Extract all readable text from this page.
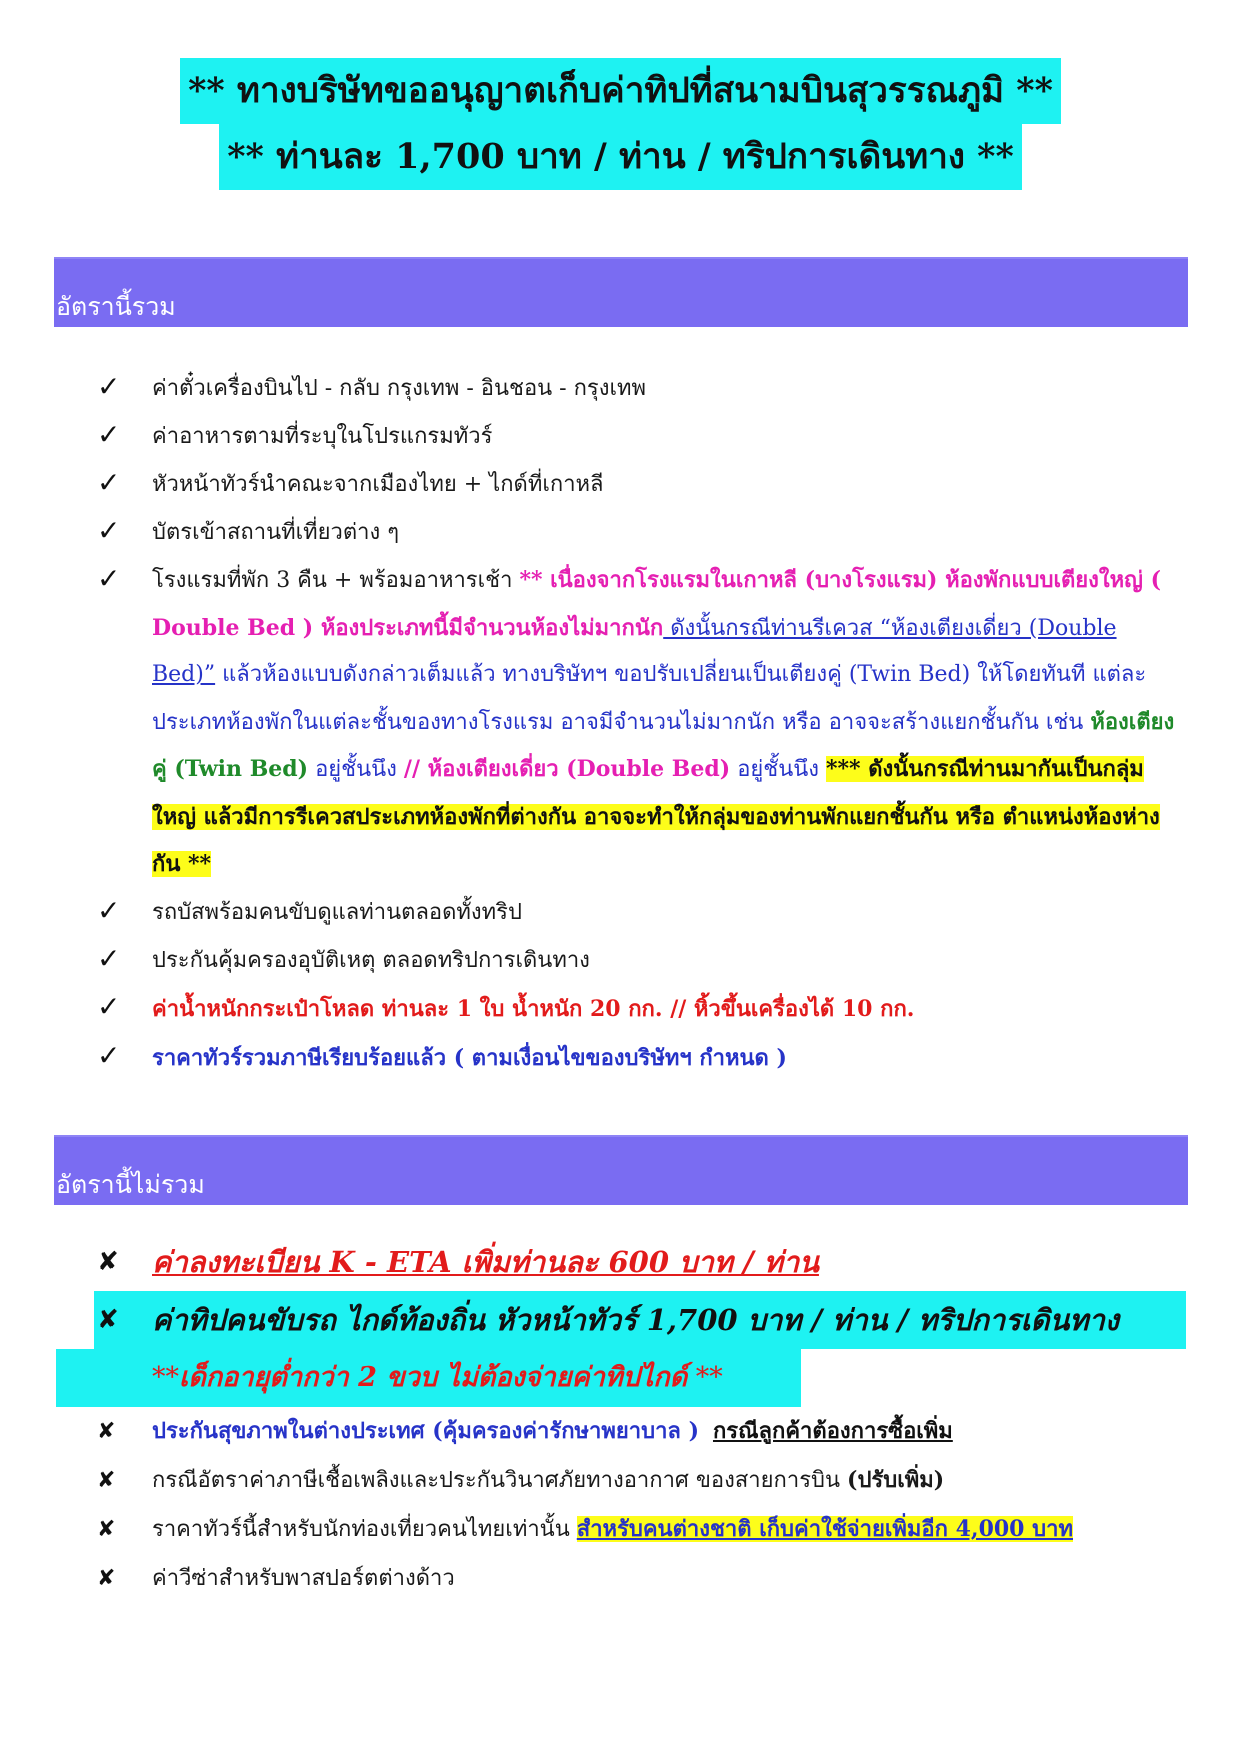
** ทางบริษัทขออนุญาตเก็บค่าทิปที่สนามบินสุวรรณภูมิ **
** ท่านละ 1,700 บาท / ท่าน / ทริปการเดินทาง **
อัตรานี้รวม
✓ ค่าตั๋วเครื่องบินไป - กลับ กรุงเทพ - อินชอน - กรุงเทพ
✓ ค่าอาหารตามที่ระบุในโปรแกรมทัวร์
✓ หัวหน้าทัวร์นำคณะจากเมืองไทย + ไกด์ที่เกาหลี
✓ บัตรเข้าสถานที่เที่ยวต่าง ๆ
✓ โรงแรมที่พัก 3 คืน + พร้อมอาหารเช้า ** เนื่องจากโรงแรมในเกาหลี (บางโรงแรม) ห้องพักแบบเตียงใหญ่ ( Double Bed ) ห้องประเภทนี้มีจำนวนห้องไม่มากนัก ดังนั้นกรณีท่านรีเควส “ห้องเตียงเดี่ยว (Double Bed)” แล้วห้องแบบดังกล่าวเต็มแล้ว ทางบริษัทฯ ขอปรับเปลี่ยนเป็นเตียงคู่ (Twin Bed) ให้โดยทันที แต่ละประเภทห้องพักในแต่ละชั้นของทางโรงแรม อาจมีจำนวนไม่มากนัก หรือ อาจจะสร้างแยกชั้นกัน เช่น ห้องเตียงคู่ (Twin Bed) อยู่ชั้นนึง // ห้องเตียงเดี่ยว (Double Bed) อยู่ชั้นนึง *** ดังนั้นกรณีท่านมากันเป็นกลุ่มใหญ่ แล้วมีการรีเควสประเภทห้องพักที่ต่างกัน อาจจะทำให้กลุ่มของท่านพักแยกชั้นกัน หรือ ตำแหน่งห้องห่างกัน **
✓ รถบัสพร้อมคนขับดูแลท่านตลอดทั้งทริป
✓ ประกันคุ้มครองอุบัติเหตุ ตลอดทริปการเดินทาง
✓ ค่าน้ำหนักกระเป๋าโหลด ท่านละ 1 ใบ น้ำหนัก 20 กก. // หิ้วขึ้นเครื่องได้ 10 กก.
✓ ราคาทัวร์รวมภาษีเรียบร้อยแล้ว ( ตามเงื่อนไขของบริษัทฯ กำหนด )
อัตรานี้ไม่รวม
✘ ค่าลงทะเบียน K - ETA เพิ่มท่านละ 600 บาท / ท่าน
✘ ค่าทิปคนขับรถ ไกด์ท้องถิ่น หัวหน้าทัวร์ 1,700 บาท / ท่าน / ทริปการเดินทาง
**เด็กอายุต่ำกว่า 2 ขวบ ไม่ต้องจ่ายค่าทิปไกด์ **
✘ ประกันสุขภาพในต่างประเทศ (คุ้มครองค่ารักษาพยาบาล ) กรณีลูกค้าต้องการซื้อเพิ่ม
✘ กรณีอัตราค่าภาษีเชื้อเพลิงและประกันวินาศภัยทางอากาศ ของสายการบิน (ปรับเพิ่ม)
✘ ราคาทัวร์นี้สำหรับนักท่องเที่ยวคนไทยเท่านั้น สำหรับคนต่างชาติ เก็บค่าใช้จ่ายเพิ่มอีก 4,000 บาท
✘ ค่าวีซ่าสำหรับพาสปอร์ตต่างด้าว
